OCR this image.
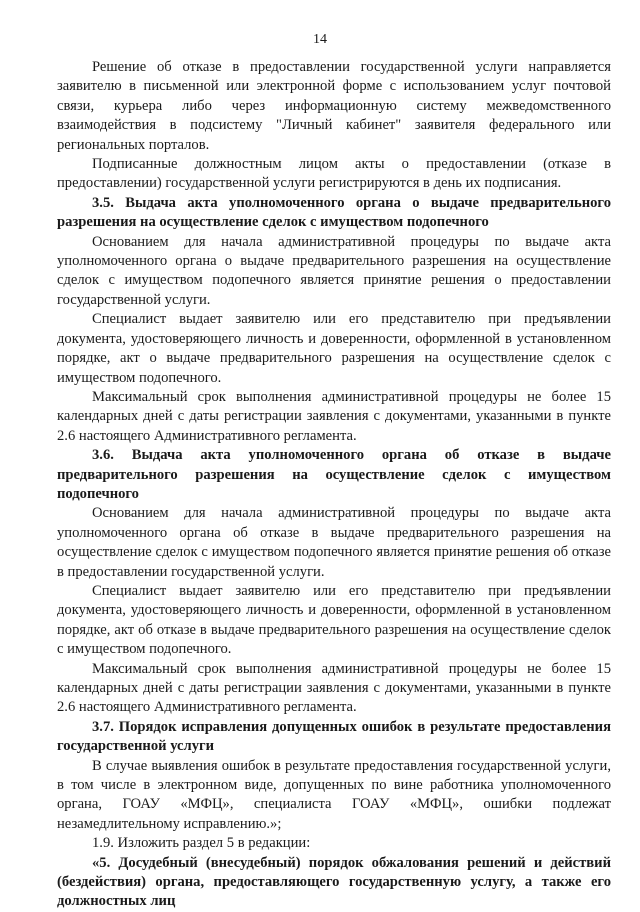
14

Решение об отказе в предоставлении государственной услуги направляется заявителю в письменной или электронной форме с использованием услуг почтовой связи, курьера либо через информационную систему межведомственного взаимодействия в подсистему "Личный кабинет" заявителя федерального или региональных порталов.

Подписанные должностным лицом акты о предоставлении (отказе в предоставлении) государственной услуги регистрируются в день их подписания.

3.5. Выдача акта уполномоченного органа о выдаче предварительного разрешения на осуществление сделок с имуществом подопечного

Основанием для начала административной процедуры по выдаче акта уполномоченного органа о выдаче предварительного разрешения на осуществление сделок с имуществом подопечного является принятие решения о предоставлении государственной услуги.

Специалист выдает заявителю или его представителю при предъявлении документа, удостоверяющего личность и доверенности, оформленной в установленном порядке, акт о выдаче предварительного разрешения на осуществление сделок с имуществом подопечного.

Максимальный срок выполнения административной процедуры не более 15 календарных дней с даты регистрации заявления с документами, указанными в пункте 2.6 настоящего Административного регламента.

3.6. Выдача акта уполномоченного органа об отказе в выдаче предварительного разрешения на осуществление сделок с имуществом подопечного

Основанием для начала административной процедуры по выдаче акта уполномоченного органа об отказе в выдаче предварительного разрешения на осуществление сделок с имуществом подопечного является принятие решения об отказе в предоставлении государственной услуги.

Специалист выдает заявителю или его представителю при предъявлении документа, удостоверяющего личность и доверенности, оформленной в установленном порядке, акт об отказе в выдаче предварительного разрешения на осуществление сделок с имуществом подопечного.

Максимальный срок выполнения административной процедуры не более 15 календарных дней с даты регистрации заявления с документами, указанными в пункте 2.6 настоящего Административного регламента.

3.7. Порядок исправления допущенных ошибок в результате предоставления государственной услуги

В случае выявления ошибок в результате предоставления государственной услуги, в том числе в электронном виде, допущенных по вине работника уполномоченного органа, ГОАУ «МФЦ», специалиста ГОАУ «МФЦ», ошибки подлежат незамедлительному исправлению.»;

1.9. Изложить раздел 5 в редакции:

«5. Досудебный (внесудебный) порядок обжалования решений и действий (бездействия) органа, предоставляющего государственную услугу, а также его должностных лиц
